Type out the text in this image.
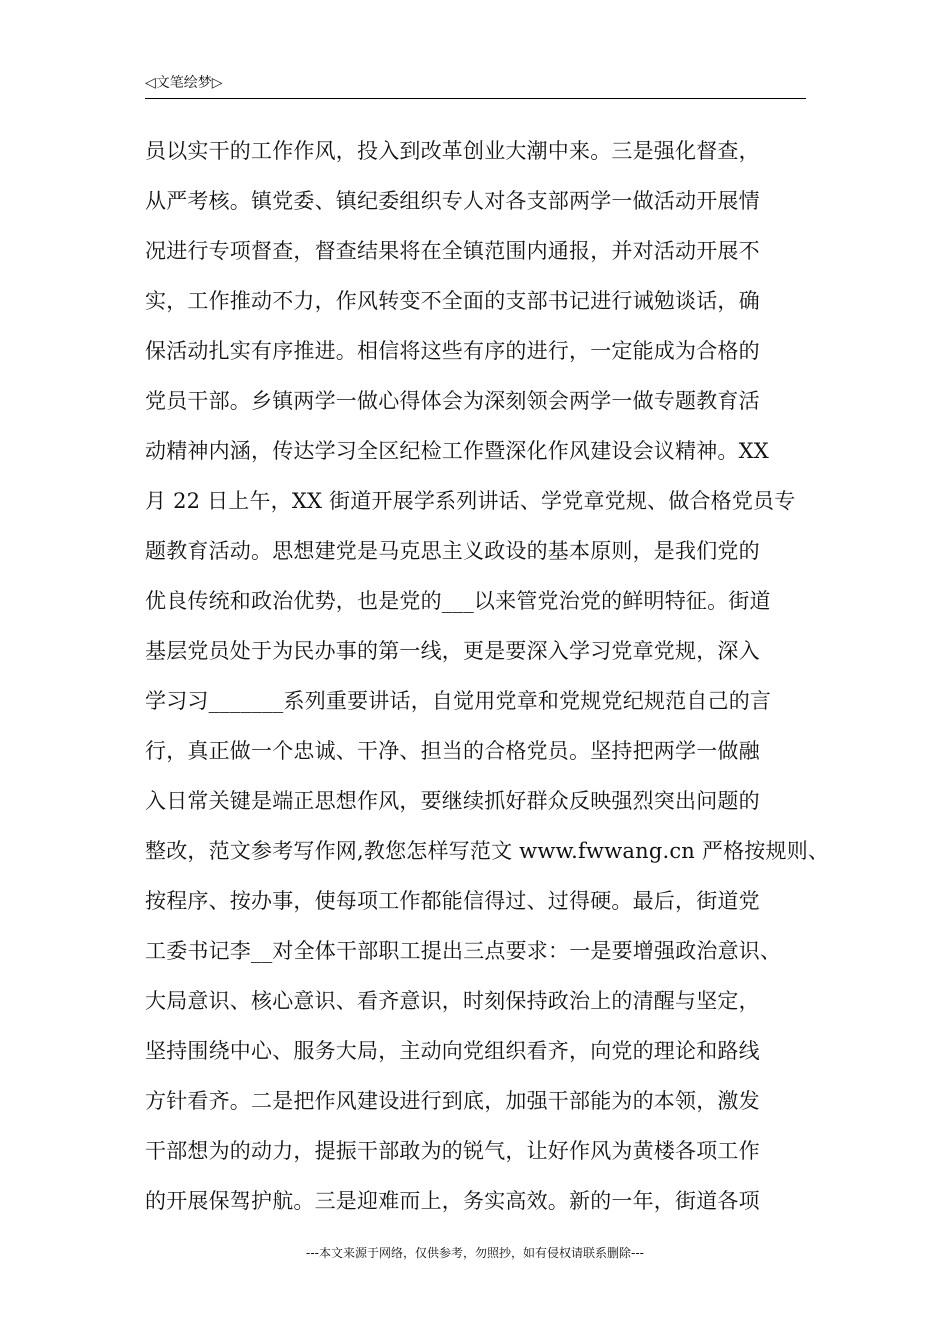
◁文笔绘梦▷
员以实干的工作作风，投入到改革创业大潮中来。三是强化督查，
从严考核。镇党委、镇纪委组织专人对各支部两学一做活动开展情
况进行专项督查，督查结果将在全镇范围内通报，并对活动开展不
实，工作推动不力，作风转变不全面的支部书记进行诫勉谈话，确
保活动扎实有序推进。相信将这些有序的进行，一定能成为合格的
党员干部。乡镇两学一做心得体会为深刻领会两学一做专题教育活
动精神内涵，传达学习全区纪检工作暨深化作风建设会议精神。XX
月 22 日上午，XX 街道开展学系列讲话、学党章党规、做合格党员专
题教育活动。思想建党是马克思主义政设的基本原则，是我们党的
优良传统和政治优势，也是党的___以来管党治党的鲜明特征。街道
基层党员处于为民办事的第一线，更是要深入学习党章党规，深入
学习习_______系列重要讲话，自觉用党章和党规党纪规范自己的言
行，真正做一个忠诚、干净、担当的合格党员。坚持把两学一做融
入日常关键是端正思想作风，要继续抓好群众反映强烈突出问题的
整改，范文参考写作网,教您怎样写范文 www.fwwang.cn 严格按规则、
按程序、按办事，使每项工作都能信得过、过得硬。最后，街道党
工委书记李__对全体干部职工提出三点要求：一是要增强政治意识、
大局意识、核心意识、看齐意识，时刻保持政治上的清醒与坚定，
坚持围绕中心、服务大局，主动向党组织看齐，向党的理论和路线
方针看齐。二是把作风建设进行到底，加强干部能为的本领，激发
干部想为的动力，提振干部敢为的锐气，让好作风为黄楼各项工作
的开展保驾护航。三是迎难而上，务实高效。新的一年，街道各项
---本文来源于网络，仅供参考，勿照抄，如有侵权请联系删除---
